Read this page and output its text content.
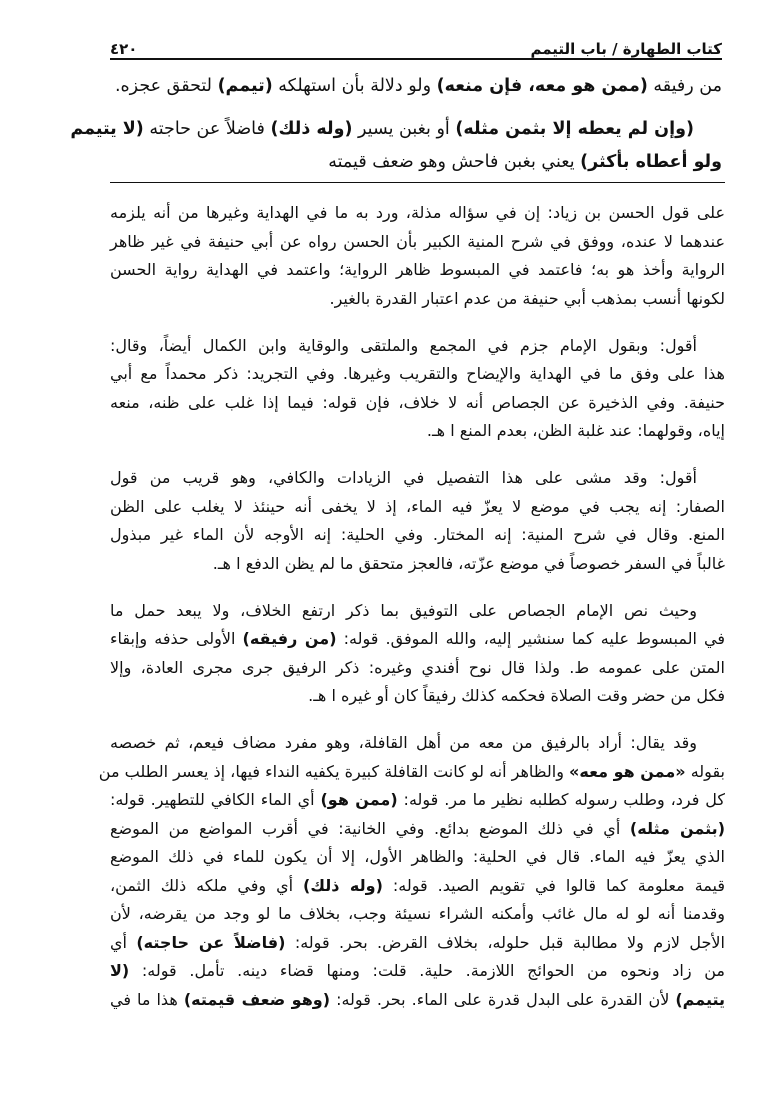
كتاب الطهارة / باب التيمم
٤٢٠
من رفيقه (ممن هو معه، فإن منعه) ولو دلالة بأن استهلكه (تيمم) لتحقق عجزه.
(وإن لم يعطه إلا بثمن مثله) أو بغبن يسير (وله ذلك) فاضلاً عن حاجته (لا يتيمم
ولو أعطاه بأكثر) يعني بغبن فاحش وهو ضعف قيمته
على قول الحسن بن زياد: إن في سؤاله مذلة، ورد به ما في الهداية وغيرها من أنه يلزمه
عندهما لا عنده، ووفق في شرح المنية الكبير بأن الحسن رواه عن أبي حنيفة في غير ظاهر
الرواية وأخذ هو به؛ فاعتمد في المبسوط ظاهر الرواية؛ واعتمد في الهداية رواية الحسن
لكونها أنسب بمذهب أبي حنيفة من عدم اعتبار القدرة بالغير.
أقول: وبقول الإمام جزم في المجمع والملتقى والوقاية وابن الكمال أيضاً، وقال:
هذا على وفق ما في الهداية والإيضاح والتقريب وغيرها. وفي التجريد: ذكر محمداً مع أبي
حنيفة. وفي الذخيرة عن الجصاص أنه لا خلاف، فإن قوله: فيما إذا غلب على ظنه، منعه
إياه، وقولهما: عند غلبة الظن، بعدم المنع ا هـ.
أقول: وقد مشى على هذا التفصيل في الزيادات والكافي، وهو قريب من قول
الصفار: إنه يجب في موضع لا يعزّ فيه الماء، إذ لا يخفى أنه حينئذ لا يغلب على الظن
المنع. وقال في شرح المنية: إنه المختار. وفي الحلية: إنه الأوجه لأن الماء غير مبذول
غالباً في السفر خصوصاً في موضع عزّته، فالعجز متحقق ما لم يظن الدفع ا هـ.
وحيث نص الإمام الجصاص على التوفيق بما ذكر ارتفع الخلاف، ولا يبعد حمل ما
في المبسوط عليه كما سنشير إليه، والله الموفق. قوله: (من رفيقه) الأولى حذفه وإبقاء
المتن على عمومه ط. ولذا قال نوح أفندي وغيره: ذكر الرفيق جرى مجرى العادة، وإلا
فكل من حضر وقت الصلاة فحكمه كذلك رفيقاً كان أو غيره ا هـ.
وقد يقال: أراد بالرفيق من معه من أهل القافلة، وهو مفرد مضاف فيعم، ثم خصصه
بقوله «ممن هو معه» والظاهر أنه لو كانت القافلة كبيرة يكفيه النداء فيها، إذ يعسر الطلب من
كل فرد، وطلب رسوله كطلبه نظير ما مر. قوله: (ممن هو) أي الماء الكافي للتطهير. قوله:
(بثمن مثله) أي في ذلك الموضع بدائع. وفي الخانية: في أقرب المواضع من الموضع
الذي يعزّ فيه الماء. قال في الحلية: والظاهر الأول، إلا أن يكون للماء في ذلك الموضع
قيمة معلومة كما قالوا في تقويم الصيد. قوله: (وله ذلك) أي وفي ملكه ذلك الثمن،
وقدمنا أنه لو له مال غائب وأمكنه الشراء نسيئة وجب، بخلاف ما لو وجد من يقرضه، لأن
الأجل لازم ولا مطالبة قبل حلوله، بخلاف القرض. بحر. قوله: (فاضلاً عن حاجته) أي
من زاد ونحوه من الحوائج اللازمة. حلية. قلت: ومنها قضاء دينه. تأمل. قوله: (لا
يتيمم) لأن القدرة على البدل قدرة على الماء. بحر. قوله: (وهو ضعف قيمته) هذا ما في
